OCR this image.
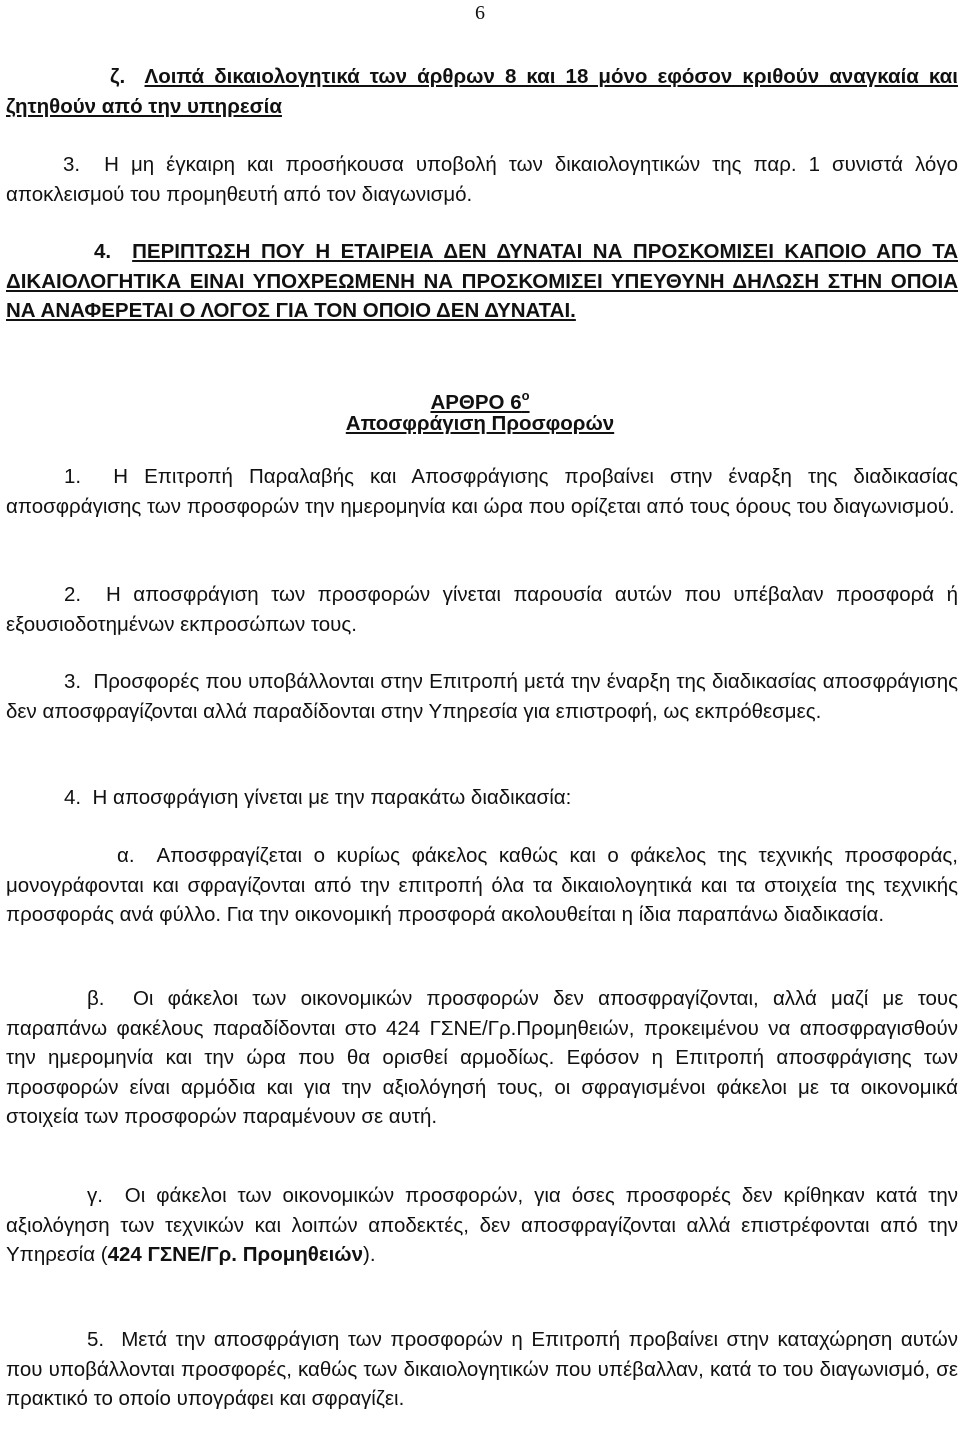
6

ζ. Λοιπά δικαιολογητικά των άρθρων 8 και 18 μόνο εφόσον κριθούν αναγκαία και ζητηθούν από την υπηρεσία

3. Η μη έγκαιρη και προσήκουσα υποβολή των δικαιολογητικών της παρ. 1 συνιστά λόγο αποκλεισμού του προμηθευτή από τον διαγωνισμό.

4. ΠΕΡΙΠΤΩΣΗ ΠΟΥ Η ΕΤΑΙΡΕΙΑ ΔΕΝ ΔΥΝΑΤΑΙ ΝΑ ΠΡΟΣΚΟΜΙΣΕΙ ΚΑΠΟΙΟ ΑΠΟ ΤΑ ΔΙΚΑΙΟΛΟΓΗΤΙΚΑ ΕΙΝΑΙ ΥΠΟΧΡΕΩΜΕΝΗ ΝΑ ΠΡΟΣΚΟΜΙΣΕΙ ΥΠΕΥΘΥΝΗ ΔΗΛΩΣΗ ΣΤΗΝ ΟΠΟΙΑ ΝΑ ΑΝΑΦΕΡΕΤΑΙ Ο ΛΟΓΟΣ ΓΙΑ ΤΟΝ ΟΠΟΙΟ ΔΕΝ ΔΥΝΑΤΑΙ.

ΑΡΘΡΟ $6^o$
Αποσφράγιση Προσφορών

1. Η Επιτροπή Παραλαβής και Αποσφράγισης προβαίνει στην έναρξη της διαδικασίας αποσφράγισης των προσφορών την ημερομηνία και ώρα που ορίζεται από τους όρους του διαγωνισμού.

2. Η αποσφράγιση των προσφορών γίνεται παρουσία αυτών που υπέβαλαν προσφορά ή εξουσιοδοτημένων εκπροσώπων τους.

3. Προσφορές που υποβάλλονται στην Επιτροπή μετά την έναρξη της διαδικασίας αποσφράγισης δεν αποσφραγίζονται αλλά παραδίδονται στην Υπηρεσία για επιστροφή, ως εκπρόθεσμες.

4. Η αποσφράγιση γίνεται με την παρακάτω διαδικασία:

α. Αποσφραγίζεται ο κυρίως φάκελος καθώς και ο φάκελος της τεχνικής προσφοράς, μονογράφονται και σφραγίζονται από την επιτροπή όλα τα δικαιολογητικά και τα στοιχεία της τεχνικής προσφοράς ανά φύλλο. Για την οικονομική προσφορά ακολουθείται η ίδια παραπάνω διαδικασία.

β. Οι φάκελοι των οικονομικών προσφορών δεν αποσφραγίζονται, αλλά μαζί με τους παραπάνω φακέλους παραδίδονται στο 424 ΓΣΝΕ/Γρ.Προμηθειών, προκειμένου να αποσφραγισθούν την ημερομηνία και την ώρα που θα ορισθεί αρμοδίως. Εφόσον η Επιτροπή αποσφράγισης των προσφορών είναι αρμόδια και για την αξιολόγησή τους, οι σφραγισμένοι φάκελοι με τα οικονομικά στοιχεία των προσφορών παραμένουν σε αυτή.

γ. Οι φάκελοι των οικονομικών προσφορών, για όσες προσφορές δεν κρίθηκαν κατά την αξιολόγηση των τεχνικών και λοιπών αποδεκτές, δεν αποσφραγίζονται αλλά επιστρέφονται από την Υπηρεσία (424 ΓΣΝΕ/Γρ. Προμηθειών).

5. Μετά την αποσφράγιση των προσφορών η Επιτροπή προβαίνει στην καταχώρηση αυτών που υποβάλλονται προσφορές, καθώς των δικαιολογητικών που υπέβαλλαν, κατά το του διαγωνισμό, σε πρακτικό το οποίο υπογράφει και σφραγίζει.
